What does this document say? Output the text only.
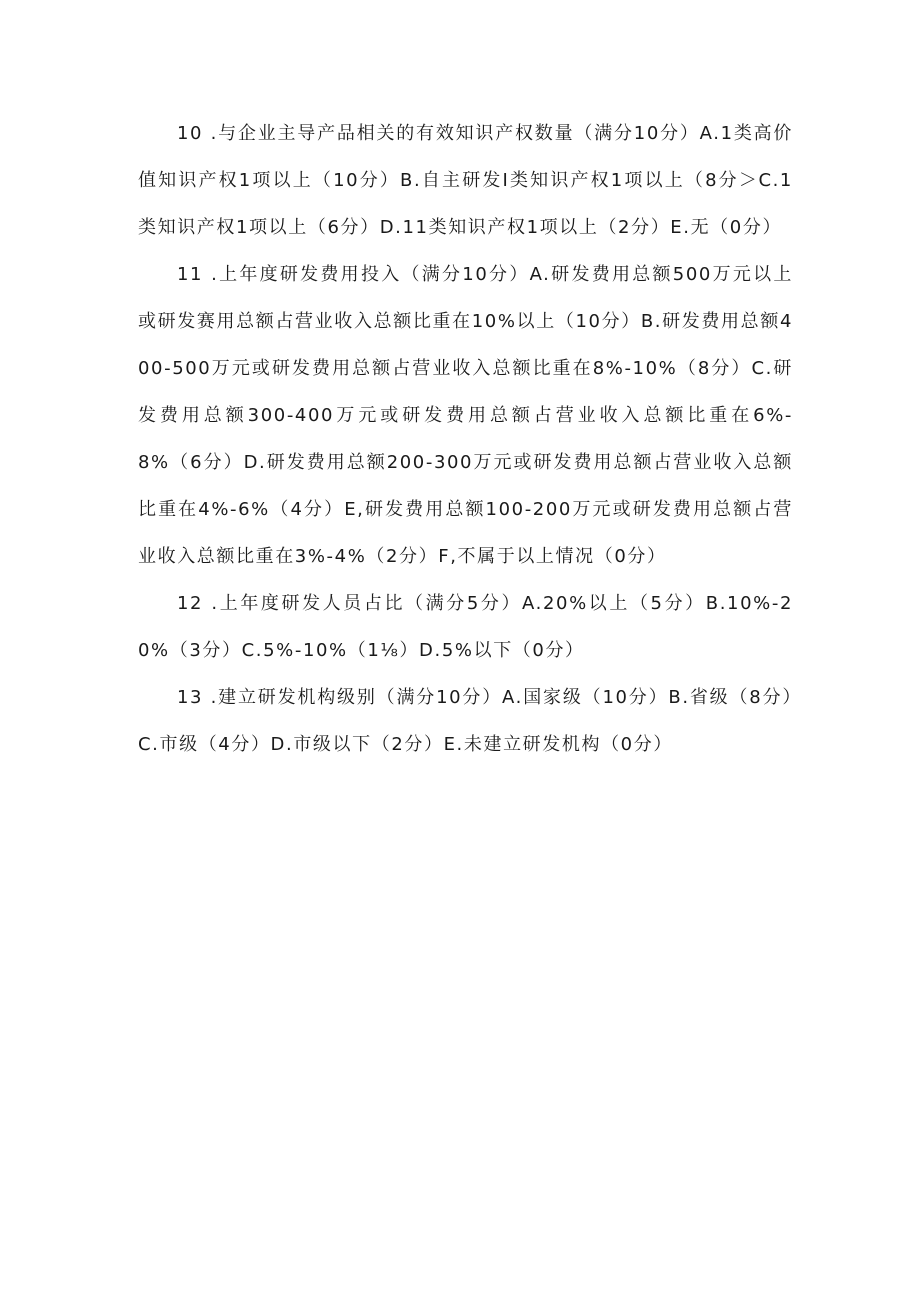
10 .与企业主导产品相关的有效知识产权数量（满分10分）A.1类高价值知识产权1项以上（10分）B.自主研发I类知识产权1项以上（8分＞C.1类知识产权1项以上（6分）D.11类知识产权1项以上（2分）E.无（0分）

11 .上年度研发费用投入（满分10分）A.研发费用总额500万元以上或研发赛用总额占营业收入总额比重在10%以上（10分）B.研发费用总额400-500万元或研发费用总额占营业收入总额比重在8%-10%（8分）C.研发费用总额300-400万元或研发费用总额占营业收入总额比重在6%-8%（6分）D.研发费用总额200-300万元或研发费用总额占营业收入总额比重在4%-6%（4分）E,研发费用总额100-200万元或研发费用总额占营业收入总额比重在3%-4%（2分）F,不属于以上情况（0分）

12 .上年度研发人员占比（满分5分）A.20%以上（5分）B.10%-20%（3分）C.5%-10%（1⅛）D.5%以下（0分）

13 .建立研发机构级别（满分10分）A.国家级（10分）B.省级（8分）C.市级（4分）D.市级以下（2分）E.未建立研发机构（0分）
